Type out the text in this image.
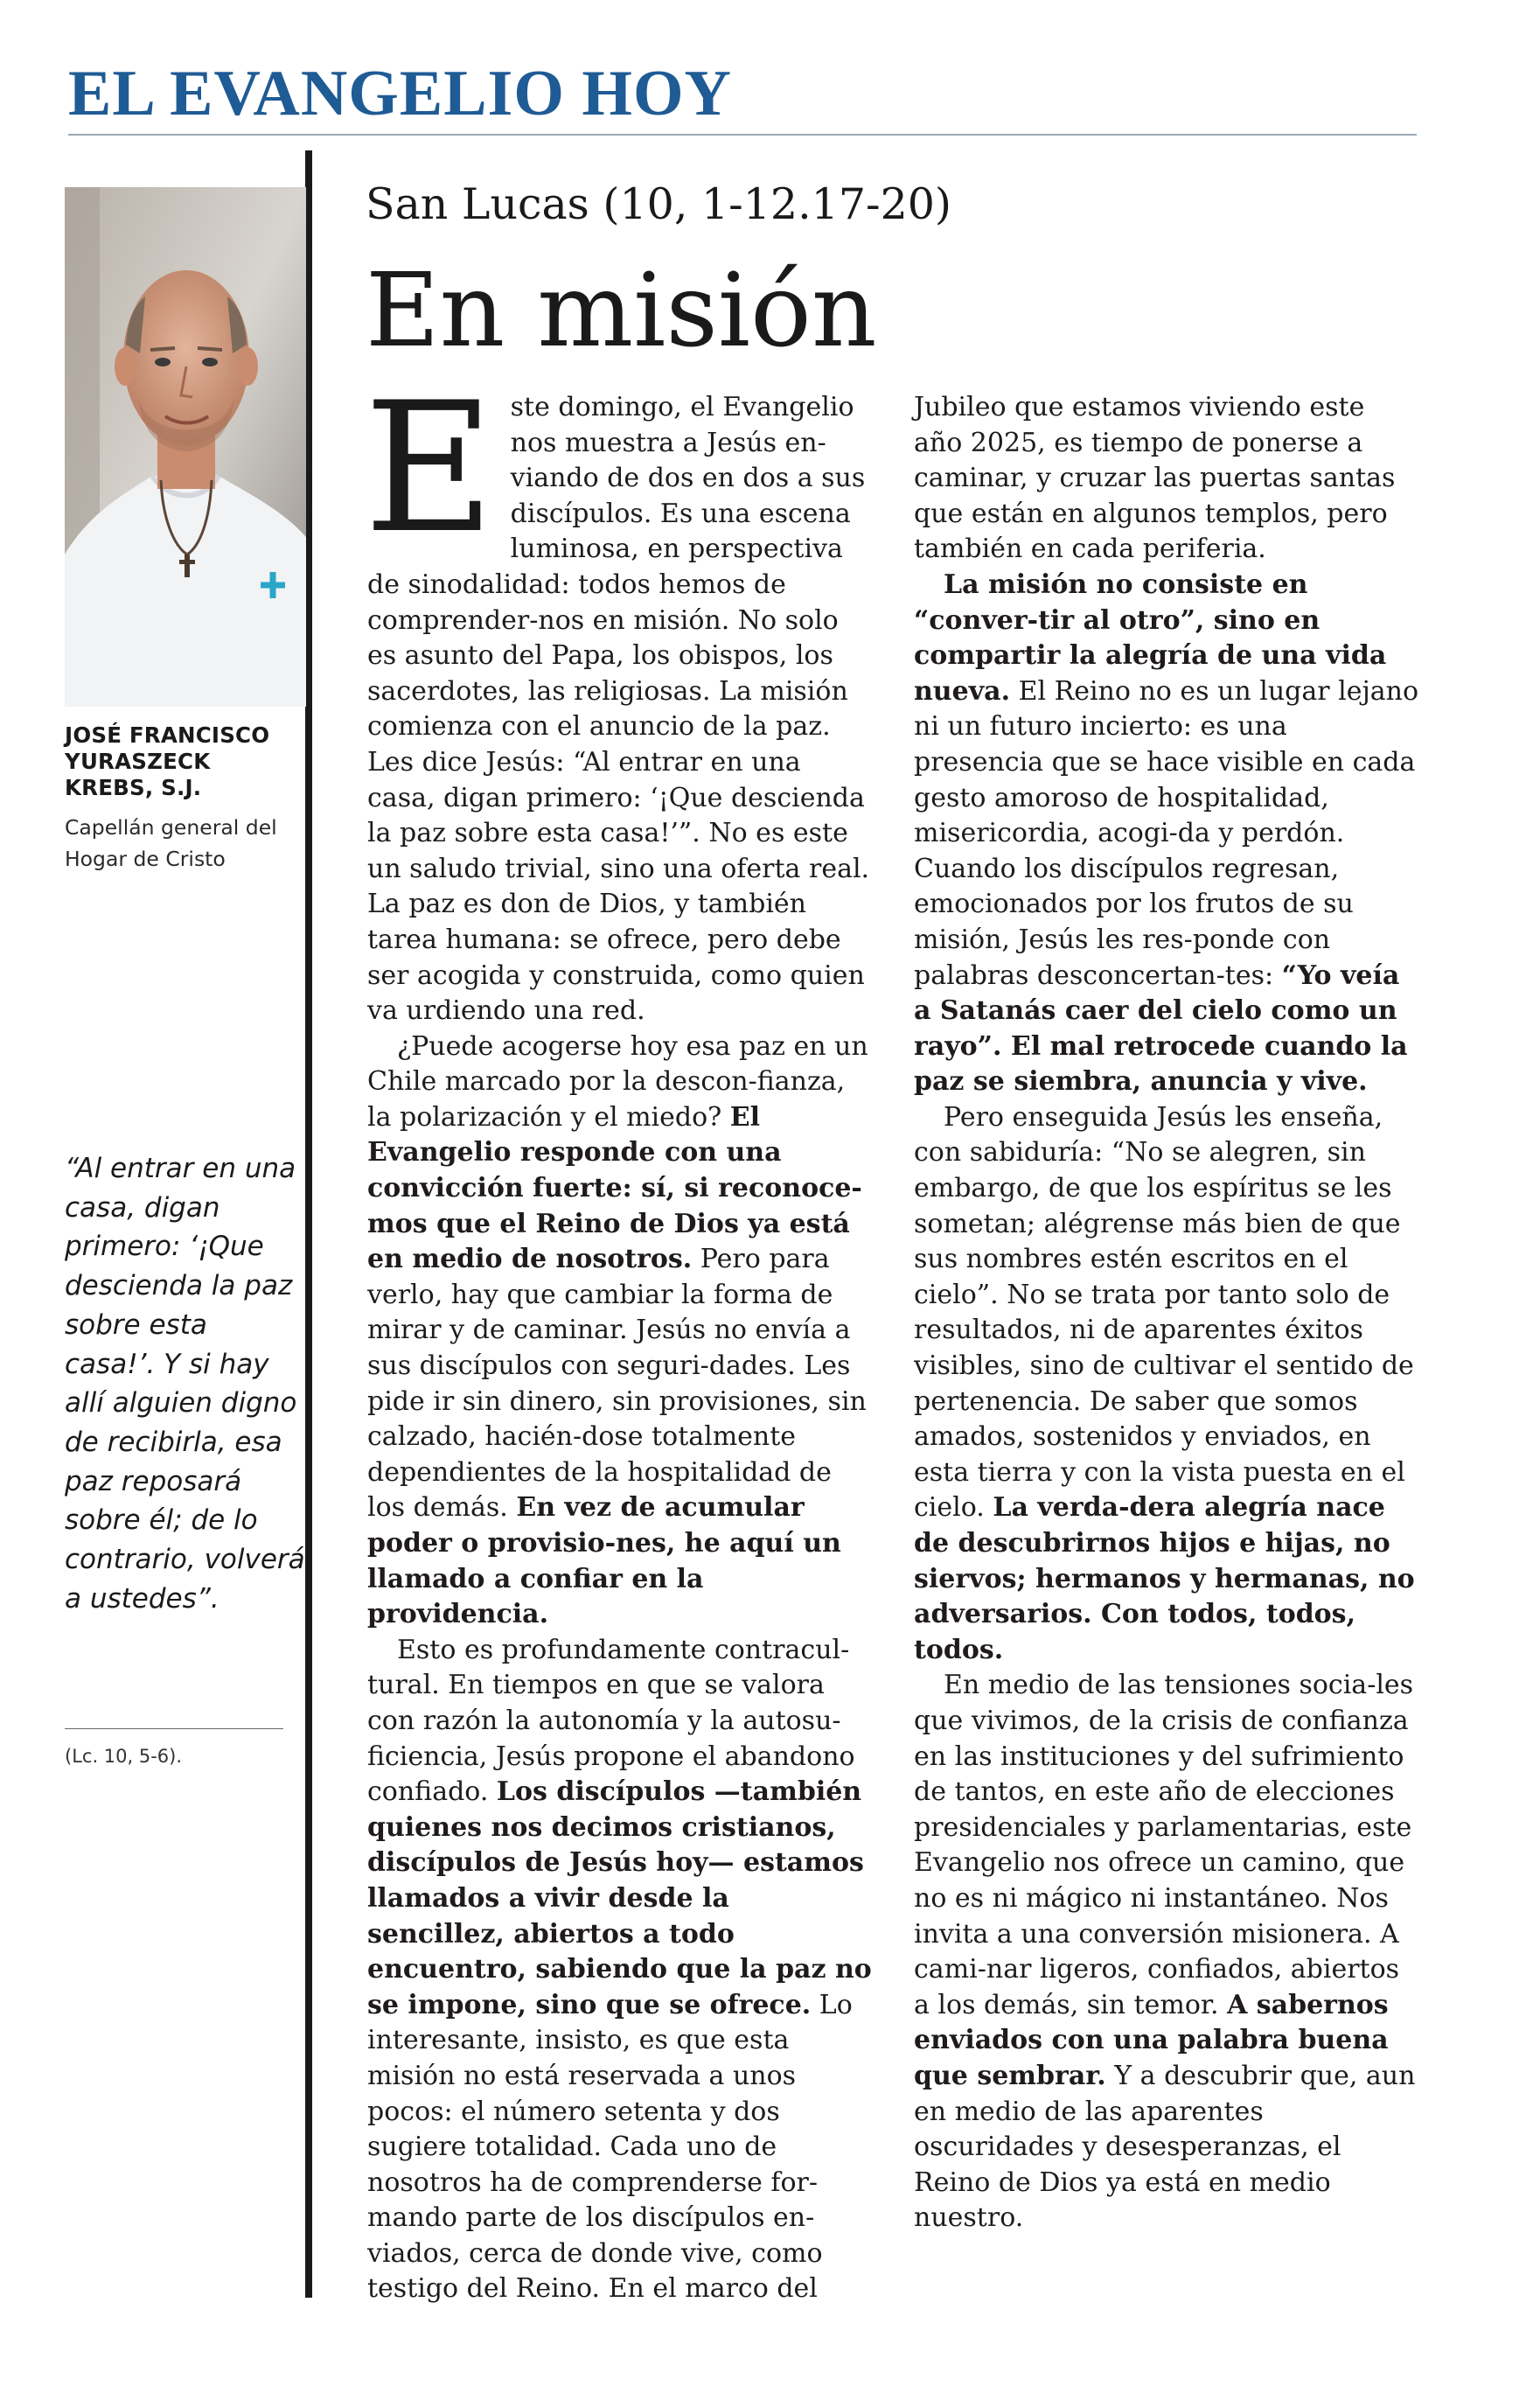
EL EVANGELIO HOY
JOSÉ FRANCISCO YURASZECK KREBS, S.J.
Capellán general del Hogar de Cristo
“Al entrar en una casa, digan primero: ‘¡Que descienda la paz sobre esta casa!’. Y si hay allí alguien digno de recibirla, esa paz reposará sobre él; de lo contrario, volverá a ustedes”.
(Lc. 10, 5-6).
San Lucas (10, 1-12.17-20)
En misión

Este domingo, el Evangelio nos muestra a Jesús en-viando de dos en dos a sus discípulos. Es una escena luminosa, en perspectiva de sinodalidad: todos hemos de comprender-nos en misión. No solo es asunto del Papa, los obispos, los sacerdotes, las religiosas. La misión comienza con el anuncio de la paz. Les dice Jesús: “Al entrar en una casa, digan primero: ‘¡Que descienda la paz sobre esta casa!’”. No es este un saludo trivial, sino una oferta real. La paz es don de Dios, y también tarea humana: se ofrece, pero debe ser acogida y construida, como quien va urdiendo una red.

¿Puede acogerse hoy esa paz en un Chile marcado por la descon-fianza, la polarización y el miedo? El Evangelio responde con una convicción fuerte: sí, si reconoce-mos que el Reino de Dios ya está en medio de nosotros. Pero para verlo, hay que cambiar la forma de mirar y de caminar. Jesús no envía a sus discípulos con seguri-dades. Les pide ir sin dinero, sin provisiones, sin calzado, hacién-dose totalmente dependientes de la hospitalidad de los demás. En vez de acumular poder o provisio-nes, he aquí un llamado a confiar en la providencia.

Esto es profundamente contracul-tural. En tiempos en que se valora con razón la autonomía y la autosu-ficiencia, Jesús propone el abandono confiado. Los discípulos —también quienes nos decimos cristianos, discípulos de Jesús hoy— estamos llamados a vivir desde la sencillez, abiertos a todo encuentro, sabiendo que la paz no se impone, sino que se ofrece. Lo interesante, insisto, es que esta misión no está reservada a unos pocos: el número setenta y dos sugiere totalidad. Cada uno de nosotros ha de comprenderse for-mando parte de los discípulos en-viados, cerca de donde vive, como testigo del Reino. En el marco del

Jubileo que estamos viviendo este año 2025, es tiempo de ponerse a caminar, y cruzar las puertas santas que están en algunos templos, pero también en cada periferia.

La misión no consiste en “conver-tir al otro”, sino en compartir la alegría de una vida nueva. El Reino no es un lugar lejano ni un futuro incierto: es una presencia que se hace visible en cada gesto amoroso de hospitalidad, misericordia, acogi-da y perdón. Cuando los discípulos regresan, emocionados por los frutos de su misión, Jesús les res-ponde con palabras desconcertan-tes: “Yo veía a Satanás caer del cielo como un rayo”. El mal retrocede cuando la paz se siembra, anuncia y vive.

Pero enseguida Jesús les enseña, con sabiduría: “No se alegren, sin embargo, de que los espíritus se les sometan; alégrense más bien de que sus nombres estén escritos en el cielo”. No se trata por tanto solo de resultados, ni de aparentes éxitos visibles, sino de cultivar el sentido de pertenencia. De saber que somos amados, sostenidos y enviados, en esta tierra y con la vista puesta en el cielo. La verda-dera alegría nace de descubrirnos hijos e hijas, no siervos; hermanos y hermanas, no adversarios. Con todos, todos, todos.

En medio de las tensiones socia-les que vivimos, de la crisis de confianza en las instituciones y del sufrimiento de tantos, en este año de elecciones presidenciales y parlamentarias, este Evangelio nos ofrece un camino, que no es ni mágico ni instantáneo. Nos invita a una conversión misionera. A cami-nar ligeros, confiados, abiertos a los demás, sin temor. A sabernos enviados con una palabra buena que sembrar. Y a descubrir que, aun en medio de las aparentes oscuridades y desesperanzas, el Reino de Dios ya está en medio nuestro.
